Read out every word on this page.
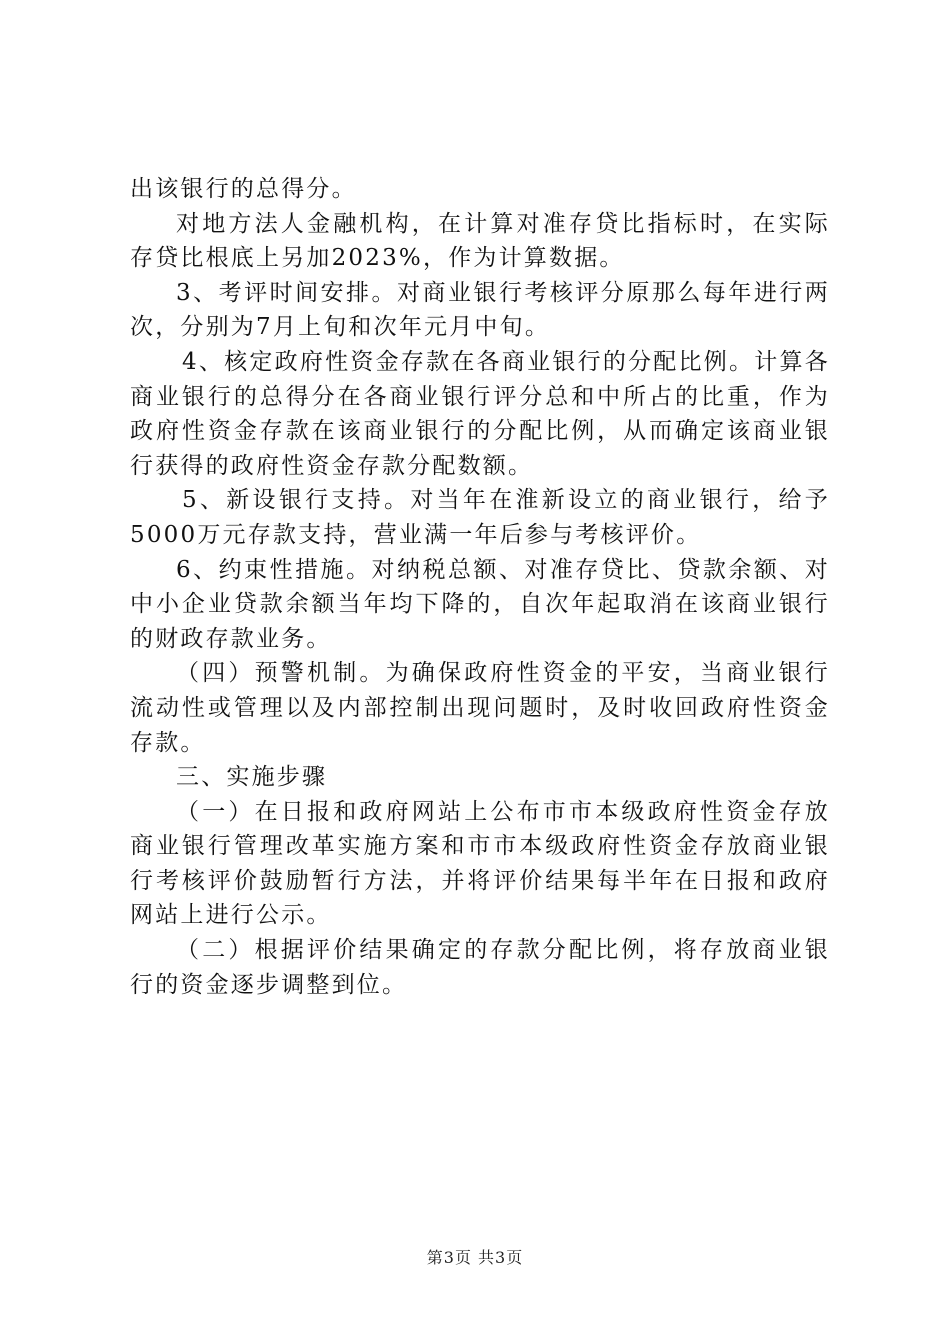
出该银行的总得分。

对地方法人金融机构，在计算对准存贷比指标时，在实际存贷比根底上另加2023%，作为计算数据。

3、考评时间安排。对商业银行考核评分原那么每年进行两次，分别为7月上旬和次年元月中旬。

4、核定政府性资金存款在各商业银行的分配比例。计算各商业银行的总得分在各商业银行评分总和中所占的比重，作为政府性资金存款在该商业银行的分配比例，从而确定该商业银行获得的政府性资金存款分配数额。

5、新设银行支持。对当年在淮新设立的商业银行，给予5000万元存款支持，营业满一年后参与考核评价。

6、约束性措施。对纳税总额、对准存贷比、贷款余额、对中小企业贷款余额当年均下降的，自次年起取消在该商业银行的财政存款业务。

（四）预警机制。为确保政府性资金的平安，当商业银行流动性或管理以及内部控制出现问题时，及时收回政府性资金存款。

三、实施步骤

（一）在日报和政府网站上公布市市本级政府性资金存放商业银行管理改革实施方案和市市本级政府性资金存放商业银行考核评价鼓励暂行方法，并将评价结果每半年在日报和政府网站上进行公示。

（二）根据评价结果确定的存款分配比例，将存放商业银行的资金逐步调整到位。

第3页 共3页
